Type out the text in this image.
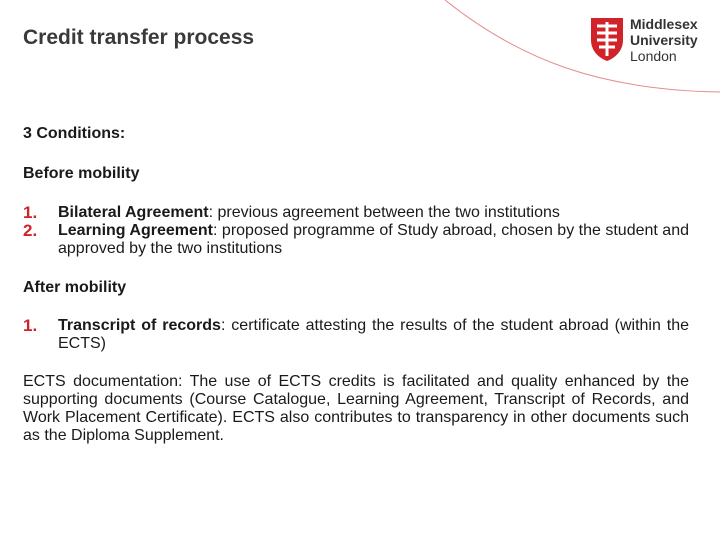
Credit transfer process
Middlesex
University
London
3 Conditions:
Before mobility
1. Bilateral Agreement: previous agreement between the two institutions
2. Learning Agreement: proposed programme of Study abroad, chosen by the student and approved by the two institutions
After mobility
1. Transcript of records: certificate attesting the results of the student abroad (within the ECTS)
ECTS documentation: The use of ECTS credits is facilitated and quality enhanced by the supporting documents (Course Catalogue, Learning Agreement, Transcript of Records, and Work Placement Certificate). ECTS also contributes to transparency in other documents such as the Diploma Supplement.
